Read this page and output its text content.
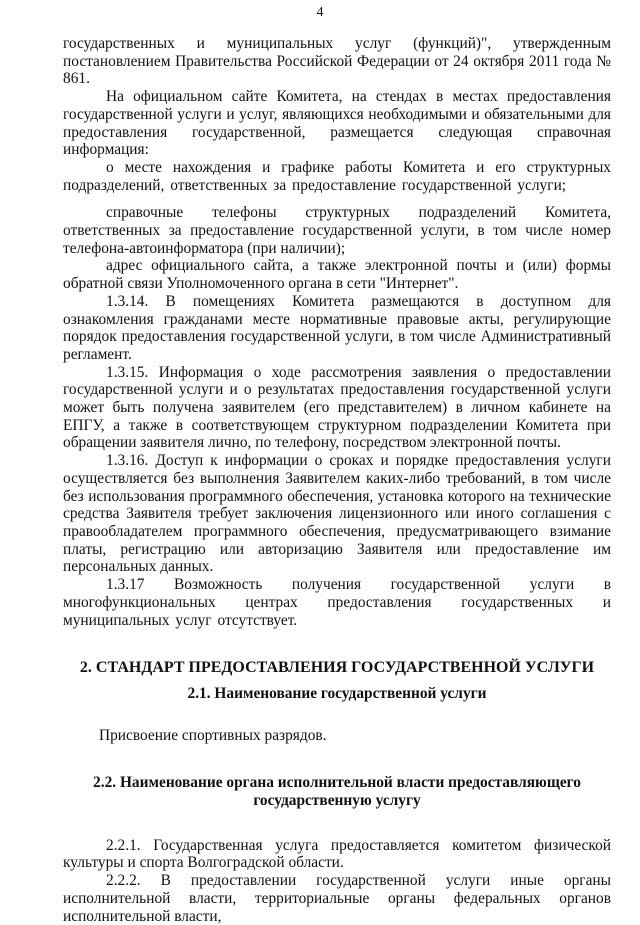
4

государственных и муниципальных услуг (функций)", утвержденным постановлением Правительства Российской Федерации от 24 октября 2011 года № 861.

На официальном сайте Комитета, на стендах в местах предоставления государственной услуги и услуг, являющихся необходимыми и обязательными для предоставления государственной, размещается следующая справочная информация:

о месте нахождения и графике работы Комитета и его структурных подразделений, ответственных за предоставление государственной услуги;

справочные телефоны структурных подразделений Комитета, ответственных за предоставление государственной услуги, в том числе номер телефона-автоинформатора (при наличии);

адрес официального сайта, а также электронной почты и (или) формы обратной связи Уполномоченного органа в сети "Интернет".

1.3.14. В помещениях Комитета размещаются в доступном для ознакомления гражданами месте нормативные правовые акты, регулирующие порядок предоставления государственной услуги, в том числе Административный регламент.

1.3.15. Информация о ходе рассмотрения заявления о предоставлении государственной услуги и о результатах предоставления государственной услуги может быть получена заявителем (его представителем) в личном кабинете на ЕПГУ, а также в соответствующем структурном подразделении Комитета при обращении заявителя лично, по телефону, посредством электронной почты.

1.3.16. Доступ к информации о сроках и порядке предоставления услуги осуществляется без выполнения Заявителем каких-либо требований, в том числе без использования программного обеспечения, установка которого на технические средства Заявителя требует заключения лицензионного или иного соглашения с правообладателем программного обеспечения, предусматривающего взимание платы, регистрацию или авторизацию Заявителя или предоставление им персональных данных.

1.3.17 Возможность получения государственной услуги в многофункциональных центрах предоставления государственных и муниципальных услуг отсутствует.

2. СТАНДАРТ ПРЕДОСТАВЛЕНИЯ ГОСУДАРСТВЕННОЙ УСЛУГИ

2.1. Наименование государственной услуги

Присвоение спортивных разрядов.

2.2. Наименование органа исполнительной власти предоставляющего

государственную услугу

2.2.1. Государственная услуга предоставляется комитетом физической культуры и спорта Волгоградской области.

2.2.2. В предоставлении государственной услуги иные органы исполнительной власти, территориальные органы федеральных органов исполнительной власти,
